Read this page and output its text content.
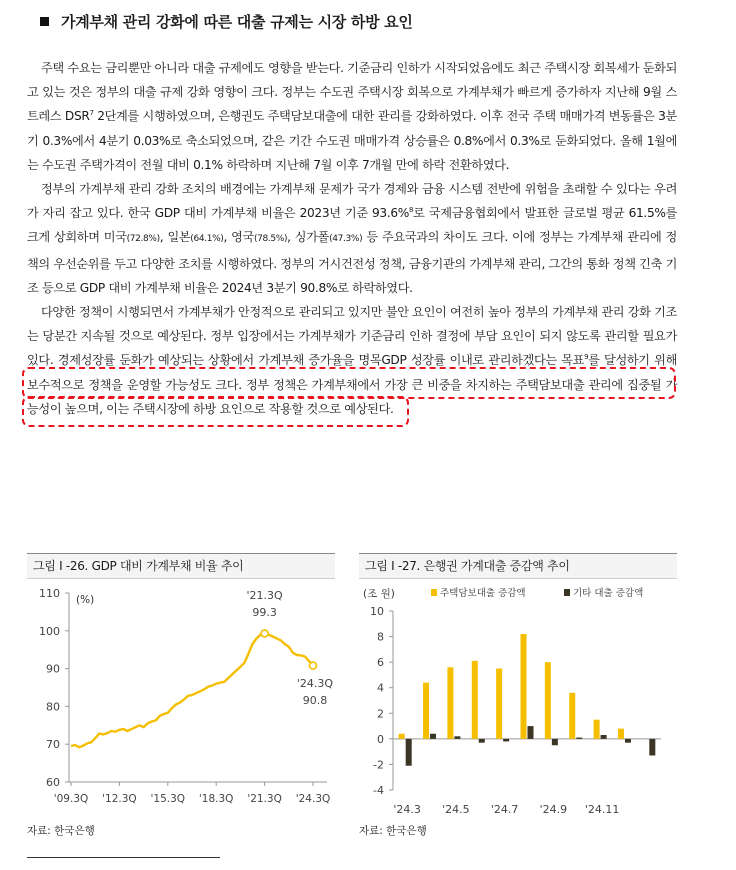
가계부채 관리 강화에 따른 대출 규제는 시장 하방 요인

주택 수요는 금리뿐만 아니라 대출 규제에도 영향을 받는다. 기준금리 인하가 시작되었음에도 최근 주택시장 회복세가 둔화되고 있는 것은 정부의 대출 규제 강화 영향이 크다. 정부는 수도권 주택시장 회복으로 가계부채가 빠르게 증가하자 지난해 9월 스트레스 DSR$^7$ 2단계를 시행하였으며, 은행권도 주택담보대출에 대한 관리를 강화하였다. 이후 전국 주택 매매가격 변동률은 3분기 0.3%에서 4분기 0.03%로 축소되었으며, 같은 기간 수도권 매매가격 상승률은 0.8%에서 0.3%로 둔화되었다. 올해 1월에는 수도권 주택가격이 전월 대비 0.1% 하락하며 지난해 7월 이후 7개월 만에 하락 전환하였다.

정부의 가계부채 관리 강화 조치의 배경에는 가계부채 문제가 국가 경제와 금융 시스템 전반에 위험을 초래할 수 있다는 우려가 자리 잡고 있다. 한국 GDP 대비 가계부채 비율은 2023년 기준 93.6%$^8$로 국제금융협회에서 발표한 글로벌 평균 61.5%를 크게 상회하며 미국(72.8%), 일본(64.1%), 영국(78.5%), 싱가폴(47.3%) 등 주요국과의 차이도 크다. 이에 정부는 가계부채 관리에 정책의 우선순위를 두고 다양한 조치를 시행하였다. 정부의 거시건전성 정책, 금융기관의 가계부채 관리, 그간의 통화 정책 긴축 기조 등으로 GDP 대비 가계부채 비율은 2024년 3분기 90.8%로 하락하였다.

다양한 정책이 시행되면서 가계부채가 안정적으로 관리되고 있지만 불안 요인이 여전히 높아 정부의 가계부채 관리 강화 기조는 당분간 지속될 것으로 예상된다. 정부 입장에서는 가계부채가 기준금리 인하 결정에 부담 요인이 되지 않도록 관리할 필요가 있다. 경제성장률 둔화가 예상되는 상황에서 가계부채 증가율을 명목GDP 성장률 이내로 관리하겠다는 목표$^9$를 달성하기 위해 보수적으로 정책을 운영할 가능성도 크다. 정부 정책은 가계부채에서 가장 큰 비중을 차지하는 주택담보대출 관리에 집중될 가능성이 높으며, 이는 주택시장에 하방 요인으로 작용할 것으로 예상된다.

그림 I -26. GDP 대비 가계부채 비율 추이
110
100
90
80
70
60
(%)
'09.3Q '12.3Q '15.3Q '18.3Q '21.3Q '24.3Q
'21.3Q
99.3
'24.3Q
90.8
자료: 한국은행
그림 I -27. 은행권 가계대출 증감액 추이
(조 원)	주택담보대출 증감액	기타 대출 증감액
10
8
6
4
2
0
-2
-4
'24.3 '24.5 '24.7 '24.9 '24.11
자료: 한국은행
